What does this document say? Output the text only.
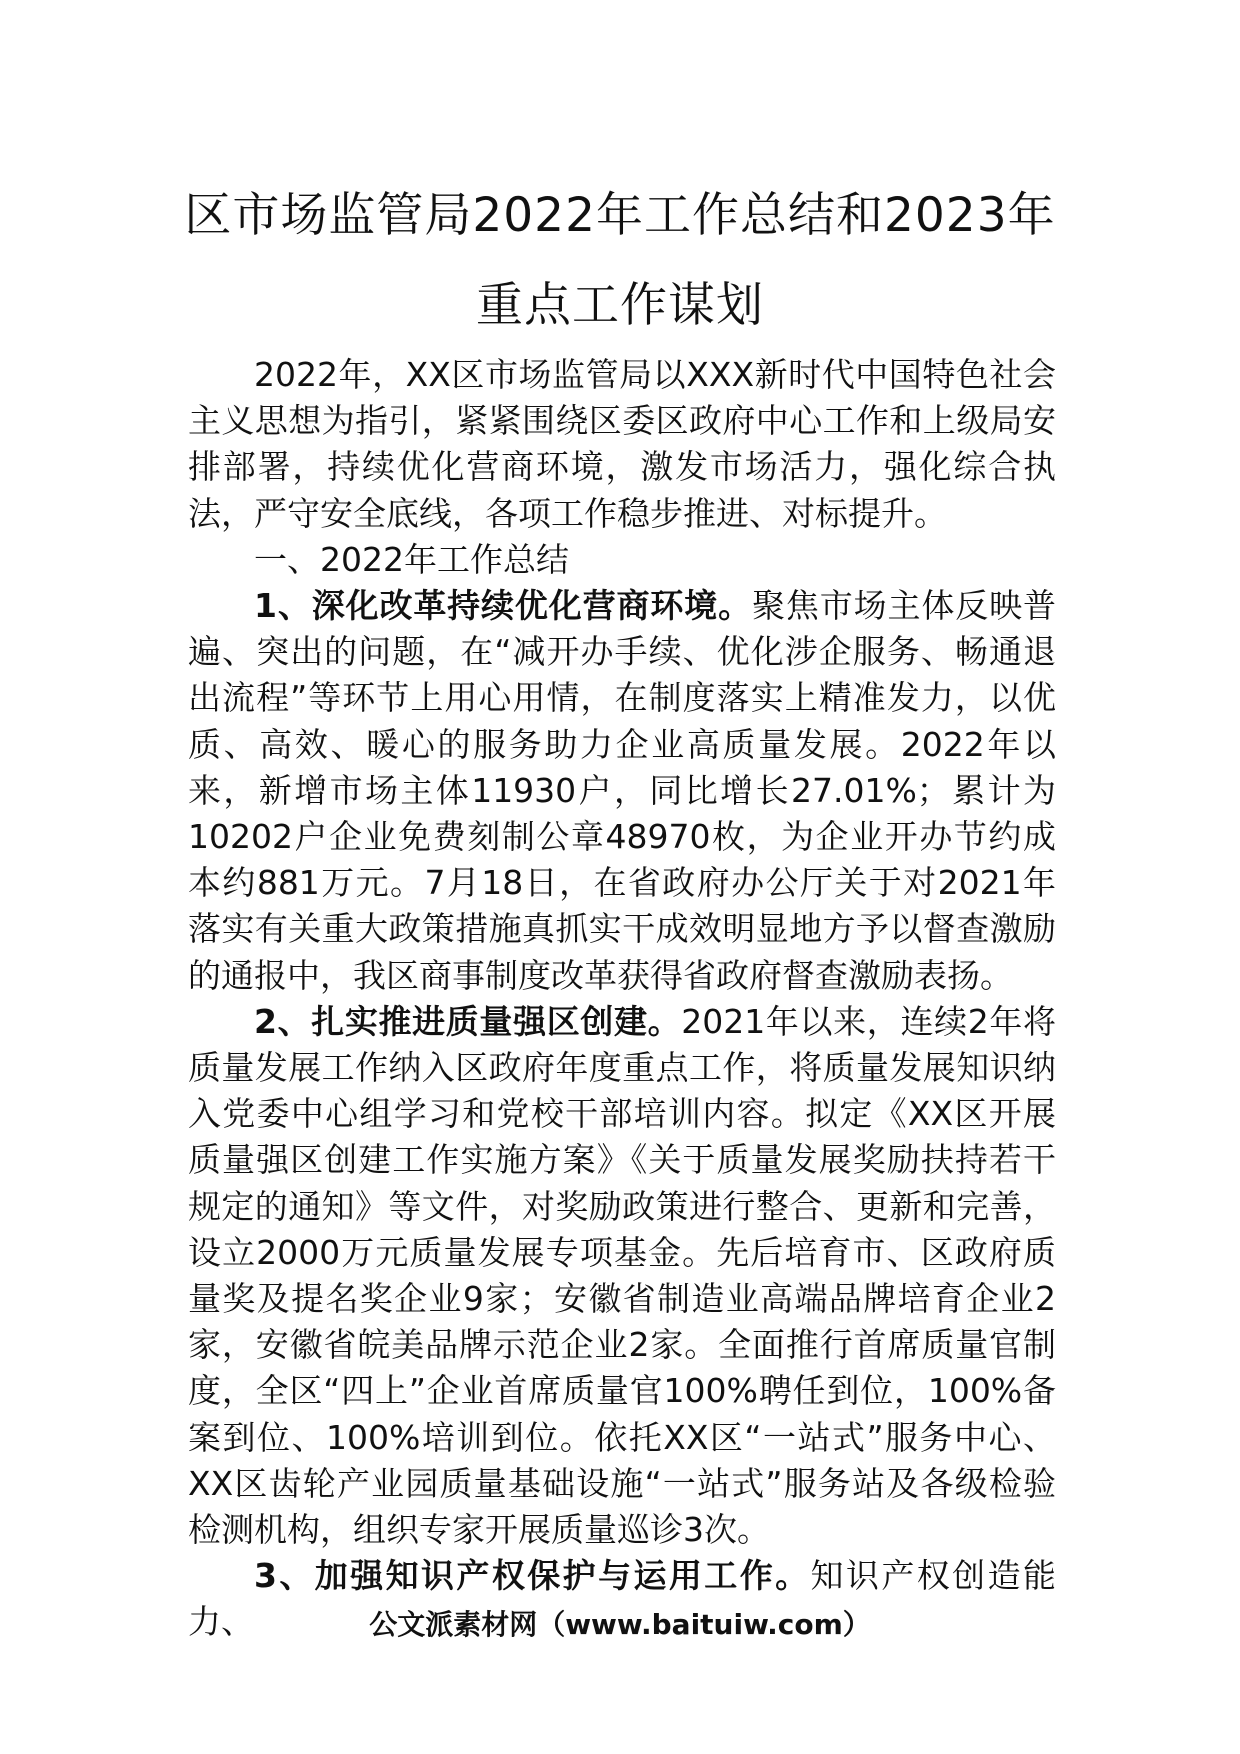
区市场监管局2022年工作总结和2023年
重点工作谋划

2022年，XX区市场监管局以XXX新时代中国特色社会主义思想为指引，紧紧围绕区委区政府中心工作和上级局安排部署，持续优化营商环境，激发市场活力，强化综合执法，严守安全底线，各项工作稳步推进、对标提升。

一、2022年工作总结

1、深化改革持续优化营商环境。聚焦市场主体反映普遍、突出的问题，在“减开办手续、优化涉企服务、畅通退出流程”等环节上用心用情，在制度落实上精准发力，以优质、高效、暖心的服务助力企业高质量发展。2022年以来，新增市场主体11930户，同比增长27.01%；累计为10202户企业免费刻制公章48970枚，为企业开办节约成本约881万元。7月18日，在省政府办公厅关于对2021年落实有关重大政策措施真抓实干成效明显地方予以督查激励的通报中，我区商事制度改革获得省政府督查激励表扬。

2、扎实推进质量强区创建。2021年以来，连续2年将质量发展工作纳入区政府年度重点工作，将质量发展知识纳入党委中心组学习和党校干部培训内容。拟定《XX区开展质量强区创建工作实施方案》《关于质量发展奖励扶持若干规定的通知》等文件，对奖励政策进行整合、更新和完善，设立2000万元质量发展专项基金。先后培育市、区政府质量奖及提名奖企业9家；安徽省制造业高端品牌培育企业2家，安徽省皖美品牌示范企业2家。全面推行首席质量官制度，全区“四上”企业首席质量官100%聘任到位，100%备案到位、100%培训到位。依托XX区“一站式”服务中心、XX区齿轮产业园质量基础设施“一站式”服务站及各级检验检测机构，组织专家开展质量巡诊3次。

3、加强知识产权保护与运用工作。知识产权创造能力、	公文派素材网（www.baituiw.com）
